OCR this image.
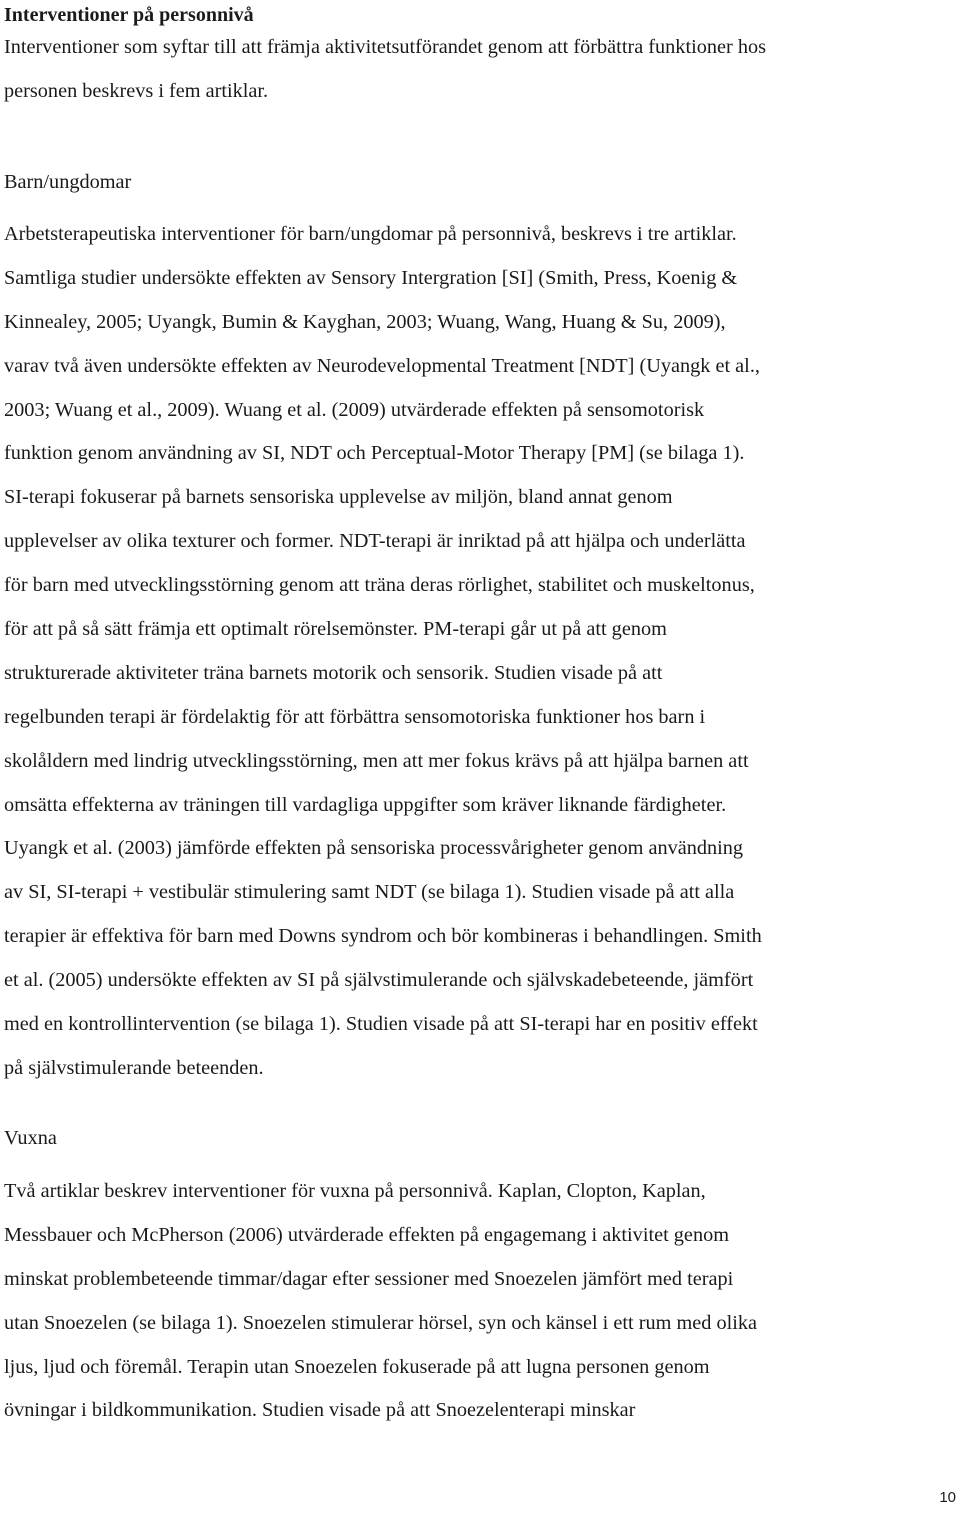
Interventioner på personnivå

Interventioner som syftar till att främja aktivitetsutförandet genom att förbättra funktioner hos
personen beskrevs i fem artiklar.

Barn/ungdomar

Arbetsterapeutiska interventioner för barn/ungdomar på personnivå, beskrevs i tre artiklar.
Samtliga studier undersökte effekten av Sensory Intergration [SI] (Smith, Press, Koenig &
Kinnealey, 2005; Uyangk, Bumin & Kayghan, 2003; Wuang, Wang, Huang & Su, 2009),
varav två även undersökte effekten av Neurodevelopmental Treatment [NDT] (Uyangk et al.,
2003; Wuang et al., 2009). Wuang et al. (2009) utvärderade effekten på sensomotorisk
funktion genom användning av SI, NDT och Perceptual-Motor Therapy [PM] (se bilaga 1).
SI-terapi fokuserar på barnets sensoriska upplevelse av miljön, bland annat genom
upplevelser av olika texturer och former. NDT-terapi är inriktad på att hjälpa och underlätta
för barn med utvecklingsstörning genom att träna deras rörlighet, stabilitet och muskeltonus,
för att på så sätt främja ett optimalt rörelsemönster. PM-terapi går ut på att genom
strukturerade aktiviteter träna barnets motorik och sensorik. Studien visade på att
regelbunden terapi är fördelaktig för att förbättra sensomotoriska funktioner hos barn i
skolåldern med lindrig utvecklingsstörning, men att mer fokus krävs på att hjälpa barnen att
omsätta effekterna av träningen till vardagliga uppgifter som kräver liknande färdigheter.
Uyangk et al. (2003) jämförde effekten på sensoriska processvårigheter genom användning
av SI, SI-terapi + vestibulär stimulering samt NDT (se bilaga 1). Studien visade på att alla
terapier är effektiva för barn med Downs syndrom och bör kombineras i behandlingen. Smith
et al. (2005) undersökte effekten av SI på självstimulerande och självskadebeteende, jämfört
med en kontrollintervention (se bilaga 1). Studien visade på att SI-terapi har en positiv effekt
på självstimulerande beteenden.

Vuxna

Två artiklar beskrev interventioner för vuxna på personnivå. Kaplan, Clopton, Kaplan,
Messbauer och McPherson (2006) utvärderade effekten på engagemang i aktivitet genom
minskat problembeteende timmar/dagar efter sessioner med Snoezelen jämfört med terapi
utan Snoezelen (se bilaga 1). Snoezelen stimulerar hörsel, syn och känsel i ett rum med olika
ljus, ljud och föremål. Terapin utan Snoezelen fokuserade på att lugna personen genom
övningar i bildkommunikation. Studien visade på att Snoezelenterapi minskar

10
